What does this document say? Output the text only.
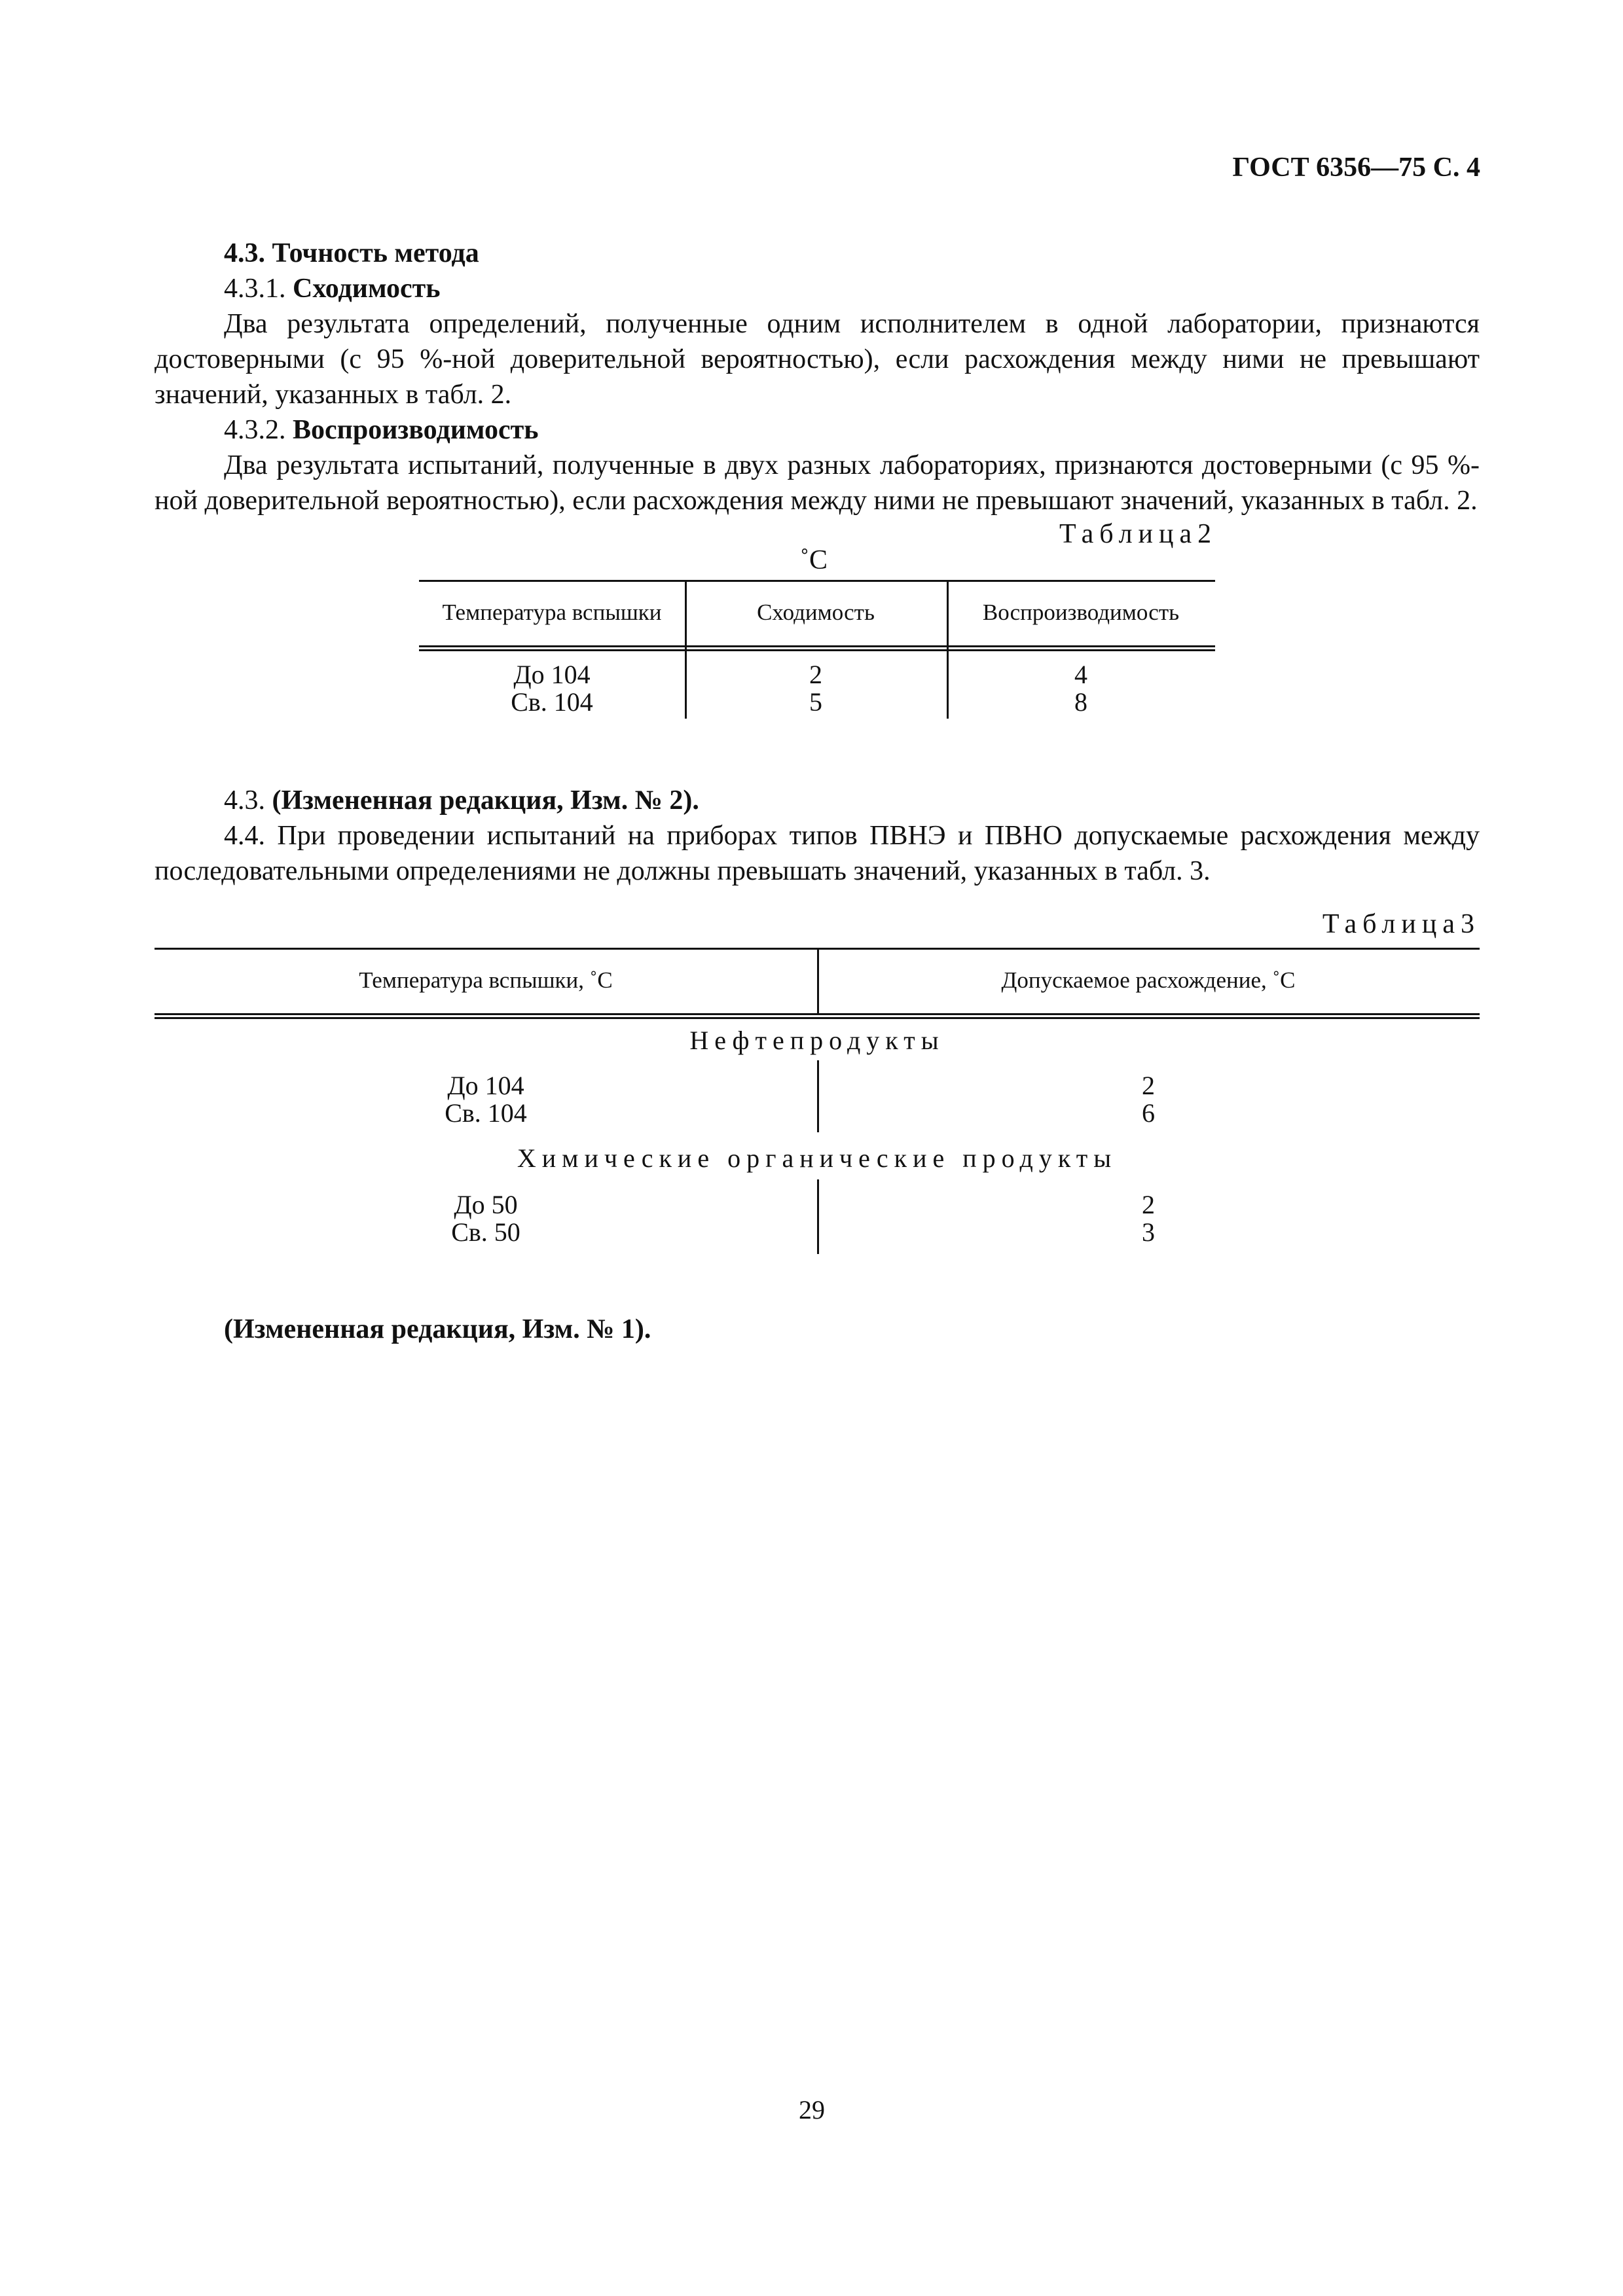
ГОСТ 6356—75 С. 4
4.3. Точность метода
4.3.1. Сходимость
Два результата определений, полученные одним исполнителем в одной лаборатории, признаются достоверными (с 95 %-ной доверительной вероятностью), если расхождения между ними не превышают значений, указанных в табл. 2.
4.3.2. Воспроизводимость
Два результата испытаний, полученные в двух разных лабораториях, признаются достоверными (с 95 %-ной доверительной вероятностью), если расхождения между ними не превышают значений, указанных в табл. 2.
Таблица2
˚С
Температура вспышки	Сходимость	Воспроизводимость
До 104	2	4
Св. 104	5	8
4.3. (Измененная редакция, Изм. № 2).
4.4. При проведении испытаний на приборах типов ПВНЭ и ПВНО допускаемые расхождения между последовательными определениями не должны превышать значений, указанных в табл. 3.
Таблица3
Температура вспышки, ˚С	Допускаемое расхождение, ˚С
Нефтепродукты
До 104	2
Св. 104	6
Химические органические продукты
До 50	2
Св. 50	3
(Измененная редакция, Изм. № 1).
29
